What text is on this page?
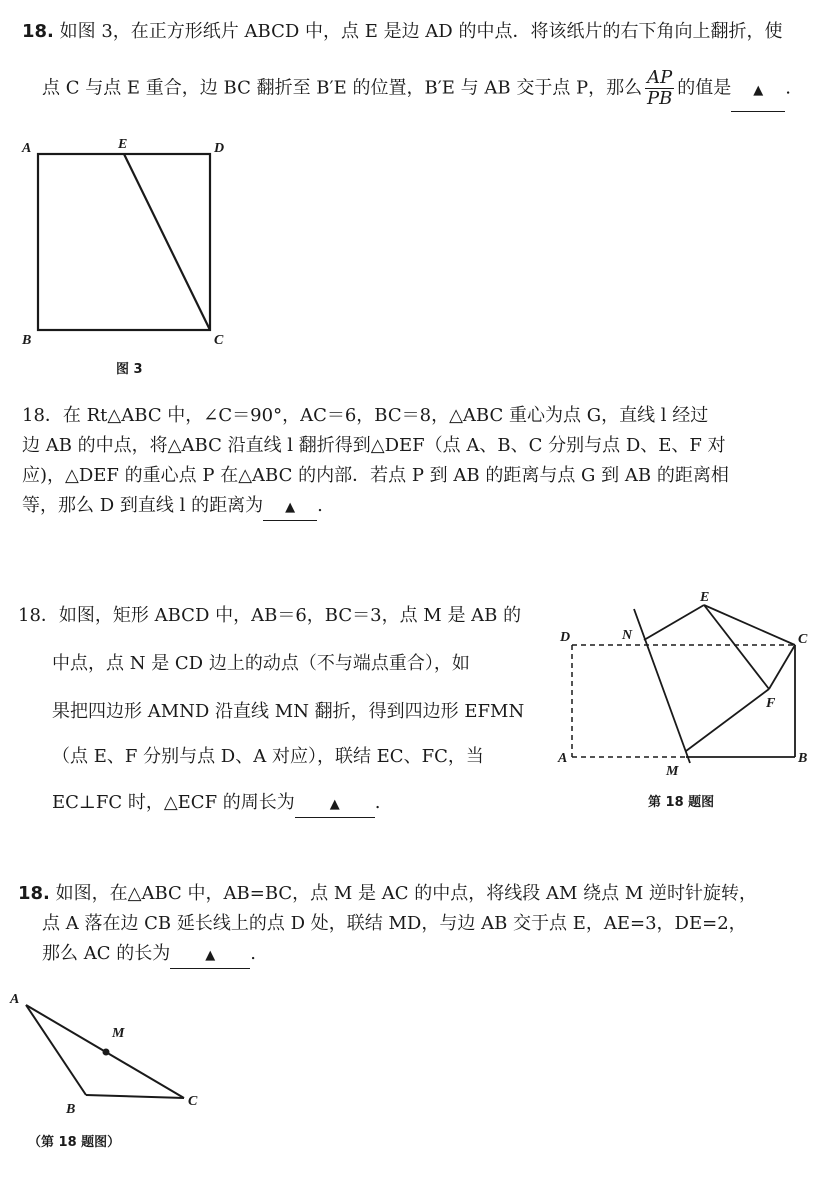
18. 如图 3，在正方形纸片 ABCD 中，点 E 是边 AD 的中点．将该纸片的右下角向上翻折，使
点 C 与点 E 重合，边 BC 翻折至 B′E 的位置，B′E 与 AB 交于点 P，那么 $\frac{AP}{PB}$ 的值是 ▲ .
A	E	D
B	C
图 3
18．在 Rt△ABC 中，∠C＝90°，AC＝6，BC＝8，△ABC 重心为点 G，直线 l 经过
边 AB 的中点，将△ABC 沿直线 l 翻折得到△DEF（点 A、B、C 分别与点 D、E、F 对
应)，△DEF 的重心点 P 在△ABC 的内部．若点 P 到 AB 的距离与点 G 到 AB 的距离相
等，那么 D 到直线 l 的距离为 ▲ .
18．如图，矩形 ABCD 中，AB＝6，BC＝3，点 M 是 AB 的
中点，点 N 是 CD 边上的动点（不与端点重合），如
果把四边形 AMND 沿直线 MN 翻折，得到四边形 EFMN
（点 E、F 分别与点 D、A 对应），联结 EC、FC，当
EC⊥FC 时，△ECF 的周长为	▲ .
E
D	N	C
F
A
M
B
第 18 题图
18. 如图，在△ABC 中，AB=BC，点 M 是 AC 的中点，将线段 AM 绕点 M 逆时针旋转，
点 A 落在边 CB 延长线上的点 D 处，联结 MD，与边 AB 交于点 E，AE=3，DE=2，
那么 AC 的长为	▲ .
A
M
B
C
（第 18 题图）
